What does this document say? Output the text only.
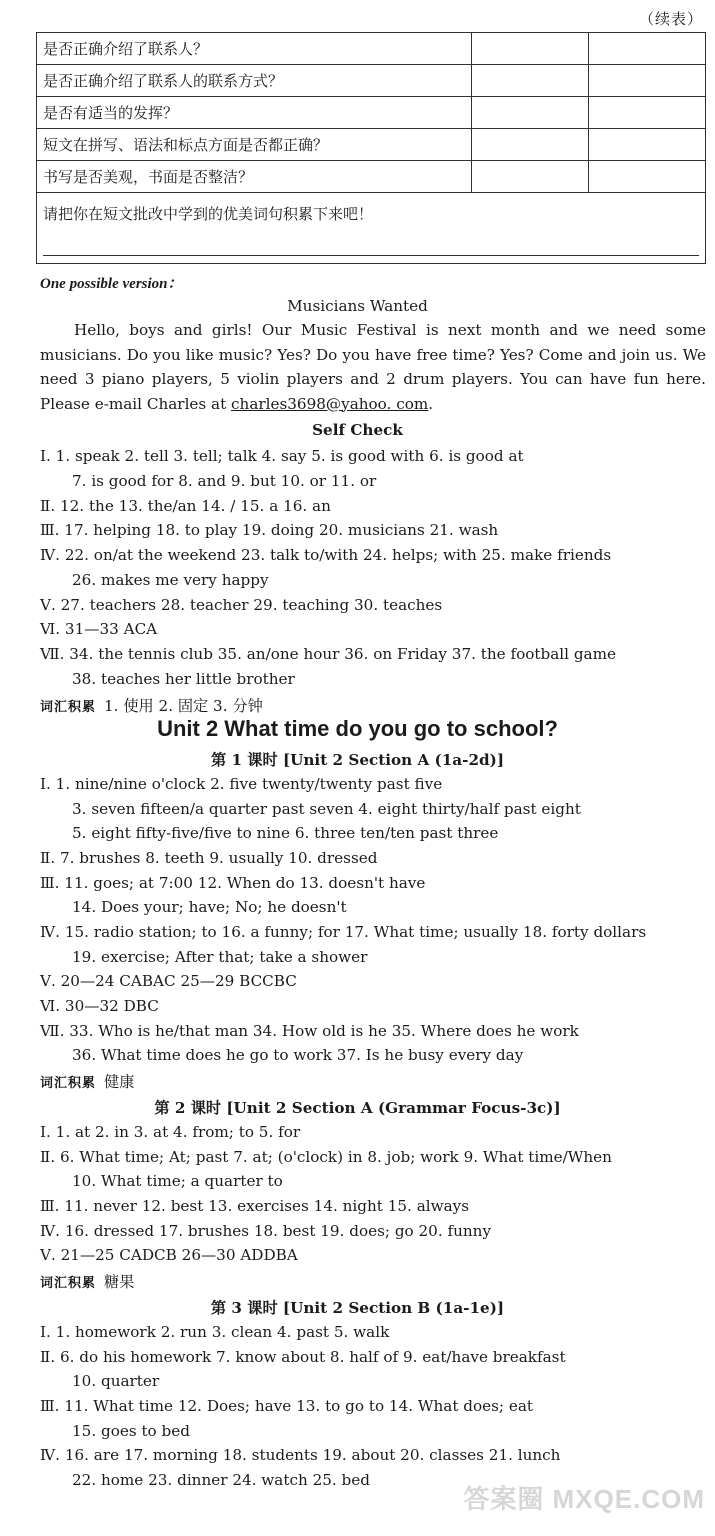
（续表）
是否正确介绍了联系人？		
是否正确介绍了联系人的联系方式？		
是否有适当的发挥？		
短文在拼写、语法和标点方面是否都正确？		
书写是否美观，书面是否整洁？		
请把你在短文批改中学到的优美词句积累下来吧！		
One possible version：
Musicians Wanted
Hello, boys and girls! Our Music Festival is next month and we need some musicians. Do you like music? Yes? Do you have free time? Yes? Come and join us. We need 3 piano players, 5 violin players and 2 drum players. You can have fun here. Please e-mail Charles at charles3698@yahoo. com.
Self Check
Ⅰ. 1. speak 2. tell 3. tell; talk 4. say 5. is good with 6. is good at
7. is good for 8. and 9. but 10. or 11. or
Ⅱ. 12. the 13. the/an 14. / 15. a 16. an
Ⅲ. 17. helping 18. to play 19. doing 20. musicians 21. wash
Ⅳ. 22. on/at the weekend 23. talk to/with 24. helps; with 25. make friends
26. makes me very happy
Ⅴ. 27. teachers 28. teacher 29. teaching 30. teaches
Ⅵ. 31—33 ACA
Ⅶ. 34. the tennis club 35. an/one hour 36. on Friday 37. the football game
38. teaches her little brother
词汇积累 1. 使用 2. 固定 3. 分钟
Unit 2 What time do you go to school?
第 1 课时 [Unit 2 Section A (1a-2d)]
Ⅰ. 1. nine/nine o'clock 2. five twenty/twenty past five
3. seven fifteen/a quarter past seven 4. eight thirty/half past eight
5. eight fifty-five/five to nine 6. three ten/ten past three
Ⅱ. 7. brushes 8. teeth 9. usually 10. dressed
Ⅲ. 11. goes; at 7:00 12. When do 13. doesn't have
14. Does your; have; No; he doesn't
Ⅳ. 15. radio station; to 16. a funny; for 17. What time; usually 18. forty dollars
19. exercise; After that; take a shower
Ⅴ. 20—24 CABAC 25—29 BCCBC
Ⅵ. 30—32 DBC
Ⅶ. 33. Who is he/that man 34. How old is he 35. Where does he work
36. What time does he go to work 37. Is he busy every day
词汇积累 健康
第 2 课时 [Unit 2 Section A (Grammar Focus-3c)]
Ⅰ. 1. at 2. in 3. at 4. from; to 5. for
Ⅱ. 6. What time; At; past 7. at; (o'clock) in 8. job; work 9. What time/When
10. What time; a quarter to
Ⅲ. 11. never 12. best 13. exercises 14. night 15. always
Ⅳ. 16. dressed 17. brushes 18. best 19. does; go 20. funny
Ⅴ. 21—25 CADCB 26—30 ADDBA
词汇积累 糖果
第 3 课时 [Unit 2 Section B (1a-1e)]
Ⅰ. 1. homework 2. run 3. clean 4. past 5. walk
Ⅱ. 6. do his homework 7. know about 8. half of 9. eat/have breakfast
10. quarter
Ⅲ. 11. What time 12. Does; have 13. to go to 14. What does; eat
15. goes to bed
Ⅳ. 16. are 17. morning 18. students 19. about 20. classes 21. lunch
22. home 23. dinner 24. watch 25. bed
答案圈 MXQE.COM
